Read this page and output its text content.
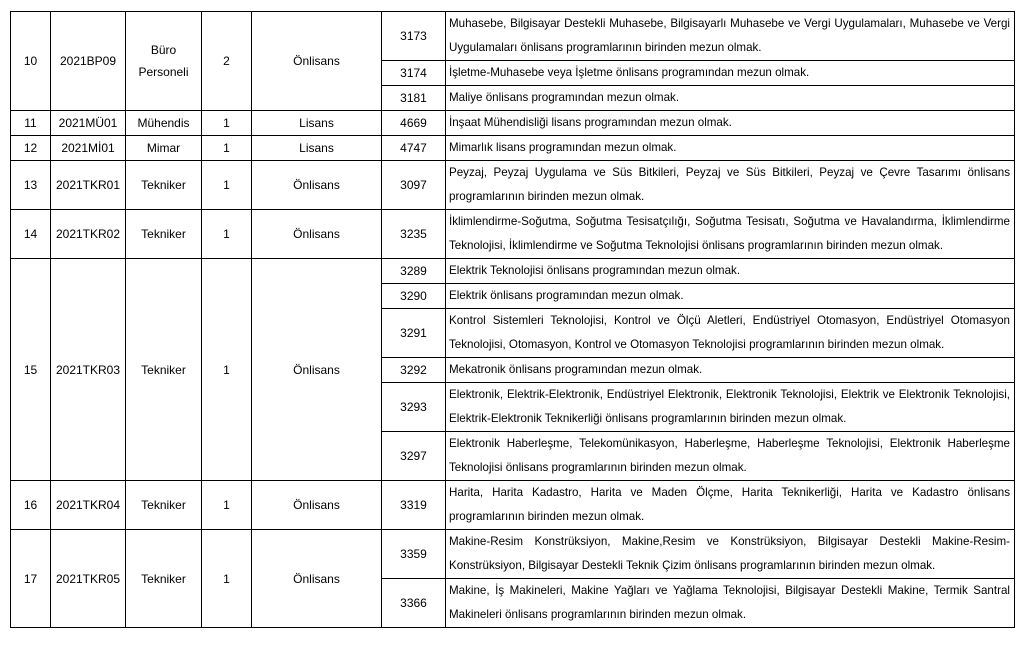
10	2021BP09	Büro Personeli	2	Önlisans	3173	Muhasebe, Bilgisayar Destekli Muhasebe, Bilgisayarlı Muhasebe ve Vergi Uygulamaları, Muhasebe ve Vergi Uygulamaları önlisans programlarının birinden mezun olmak.
					3174	İşletme-Muhasebe veya İşletme önlisans programından mezun olmak.
					3181	Maliye önlisans programından mezun olmak.
11	2021MÜ01	Mühendis	1	Lisans	4669	İnşaat Mühendisliği lisans programından mezun olmak.
12	2021Mİ01	Mimar	1	Lisans	4747	Mimarlık lisans programından mezun olmak.
13	2021TKR01	Tekniker	1	Önlisans	3097	Peyzaj, Peyzaj Uygulama ve Süs Bitkileri, Peyzaj ve Süs Bitkileri, Peyzaj ve Çevre Tasarımı önlisans programlarının birinden mezun olmak.
14	2021TKR02	Tekniker	1	Önlisans	3235	İklimlendirme-Soğutma, Soğutma Tesisatçılığı, Soğutma Tesisatı, Soğutma ve Havalandırma, İklimlendirme Teknolojisi, İklimlendirme ve Soğutma Teknolojisi önlisans programlarının birinden mezun olmak.
15	2021TKR03	Tekniker	1	Önlisans	3289	Elektrik Teknolojisi önlisans programından mezun olmak.
					3290	Elektrik önlisans programından mezun olmak.
					3291	Kontrol Sistemleri Teknolojisi, Kontrol ve Ölçü Aletleri, Endüstriyel Otomasyon, Endüstriyel Otomasyon Teknolojisi, Otomasyon, Kontrol ve Otomasyon Teknolojisi programlarının birinden mezun olmak.
					3292	Mekatronik önlisans programından mezun olmak.
					3293	Elektronik, Elektrik-Elektronik, Endüstriyel Elektronik, Elektronik Teknolojisi, Elektrik ve Elektronik Teknolojisi, Elektrik-Elektronik Teknikerliği önlisans programlarının birinden mezun olmak.
					3297	Elektronik Haberleşme, Telekomünikasyon, Haberleşme, Haberleşme Teknolojisi, Elektronik Haberleşme Teknolojisi önlisans programlarının birinden mezun olmak.
16	2021TKR04	Tekniker	1	Önlisans	3319	Harita, Harita Kadastro, Harita ve Maden Ölçme, Harita Teknikerliği, Harita ve Kadastro önlisans programlarının birinden mezun olmak.
17	2021TKR05	Tekniker	1	Önlisans	3359	Makine-Resim Konstrüksiyon, Makine,Resim ve Konstrüksiyon, Bilgisayar Destekli Makine-Resim-Konstrüksiyon, Bilgisayar Destekli Teknik Çizim önlisans programlarının birinden mezun olmak.
					3366	Makine, İş Makineleri, Makine Yağları ve Yağlama Teknolojisi, Bilgisayar Destekli Makine, Termik Santral Makineleri önlisans programlarının birinden mezun olmak.
